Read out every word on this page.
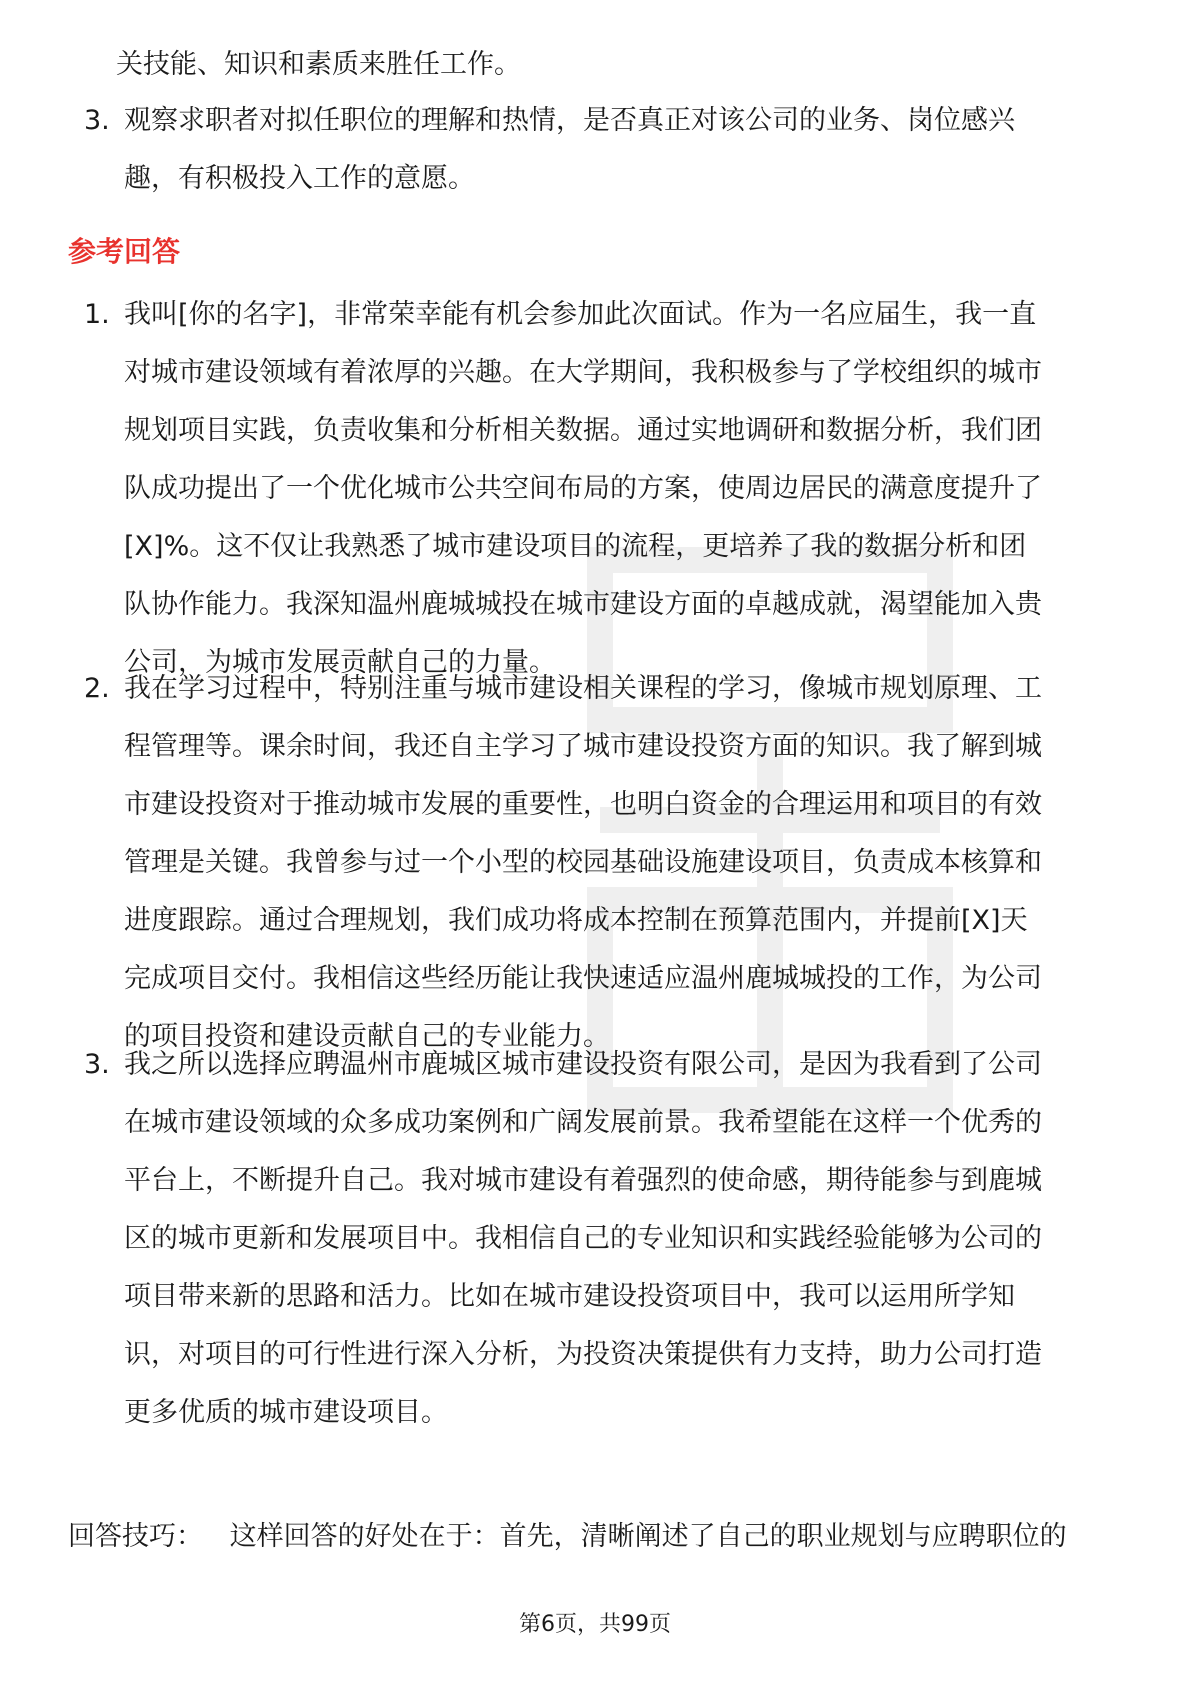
关技能、知识和素质来胜任工作。
3. 观察求职者对拟任职位的理解和热情，是否真正对该公司的业务、岗位感兴趣，有积极投入工作的意愿。
参考回答
1. 我叫[你的名字]，非常荣幸能有机会参加此次面试。作为一名应届生，我一直对城市建设领域有着浓厚的兴趣。在大学期间，我积极参与了学校组织的城市规划项目实践，负责收集和分析相关数据。通过实地调研和数据分析，我们团队成功提出了一个优化城市公共空间布局的方案，使周边居民的满意度提升了[X]%。这不仅让我熟悉了城市建设项目的流程，更培养了我的数据分析和团队协作能力。我深知温州鹿城城投在城市建设方面的卓越成就，渴望能加入贵公司，为城市发展贡献自己的力量。
2. 我在学习过程中，特别注重与城市建设相关课程的学习，像城市规划原理、工程管理等。课余时间，我还自主学习了城市建设投资方面的知识。我了解到城市建设投资对于推动城市发展的重要性，也明白资金的合理运用和项目的有效管理是关键。我曾参与过一个小型的校园基础设施建设项目，负责成本核算和进度跟踪。通过合理规划，我们成功将成本控制在预算范围内，并提前[X]天完成项目交付。我相信这些经历能让我快速适应温州鹿城城投的工作，为公司的项目投资和建设贡献自己的专业能力。
3. 我之所以选择应聘温州市鹿城区城市建设投资有限公司，是因为我看到了公司在城市建设领域的众多成功案例和广阔发展前景。我希望能在这样一个优秀的平台上，不断提升自己。我对城市建设有着强烈的使命感，期待能参与到鹿城区的城市更新和发展项目中。我相信自己的专业知识和实践经验能够为公司的项目带来新的思路和活力。比如在城市建设投资项目中，我可以运用所学知识，对项目的可行性进行深入分析，为投资决策提供有力支持，助力公司打造更多优质的城市建设项目。
回答技巧： 这样回答的好处在于：首先，清晰阐述了自己的职业规划与应聘职位的
第6页，共99页
